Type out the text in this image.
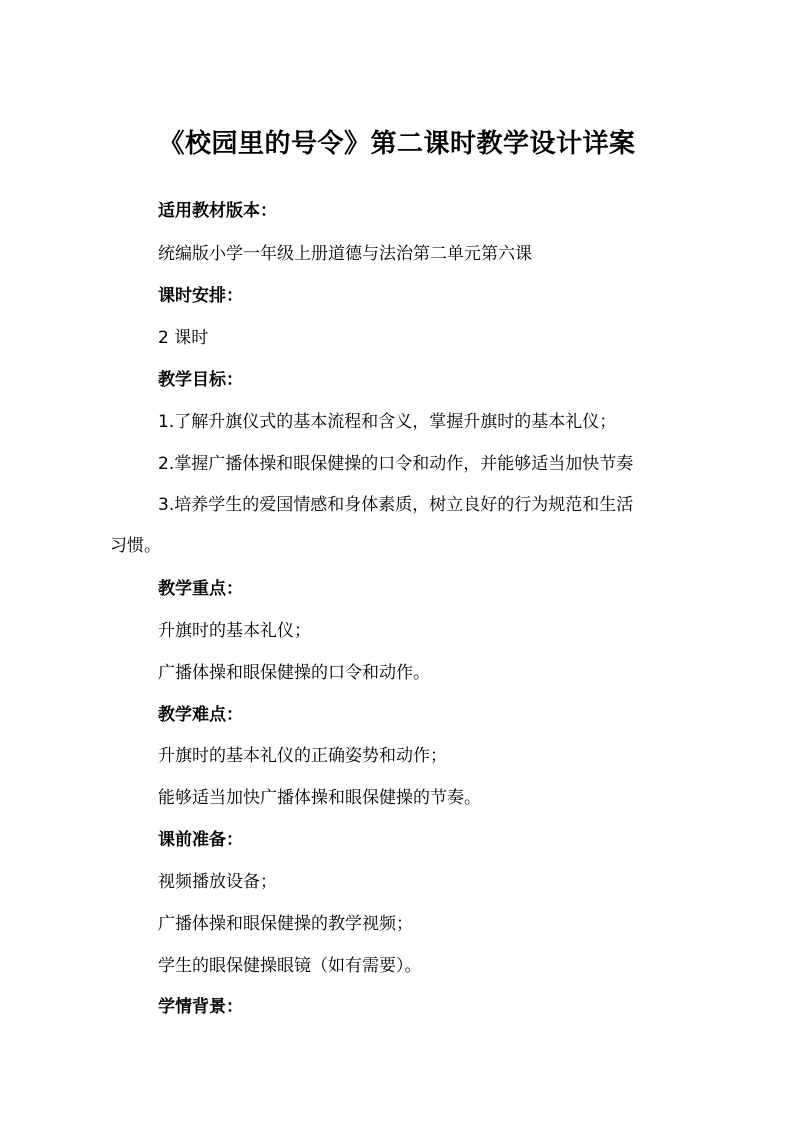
《校园里的号令》第二课时教学设计详案
适用教材版本：
统编版小学一年级上册道德与法治第二单元第六课
课时安排：
2 课时
教学目标：
1.了解升旗仪式的基本流程和含义，掌握升旗时的基本礼仪；
2.掌握广播体操和眼保健操的口令和动作，并能够适当加快节奏
3.培养学生的爱国情感和身体素质，树立良好的行为规范和生活
习惯。
教学重点：
升旗时的基本礼仪；
广播体操和眼保健操的口令和动作。
教学难点：
升旗时的基本礼仪的正确姿势和动作；
能够适当加快广播体操和眼保健操的节奏。
课前准备：
视频播放设备；
广播体操和眼保健操的教学视频；
学生的眼保健操眼镜（如有需要）。
学情背景：
